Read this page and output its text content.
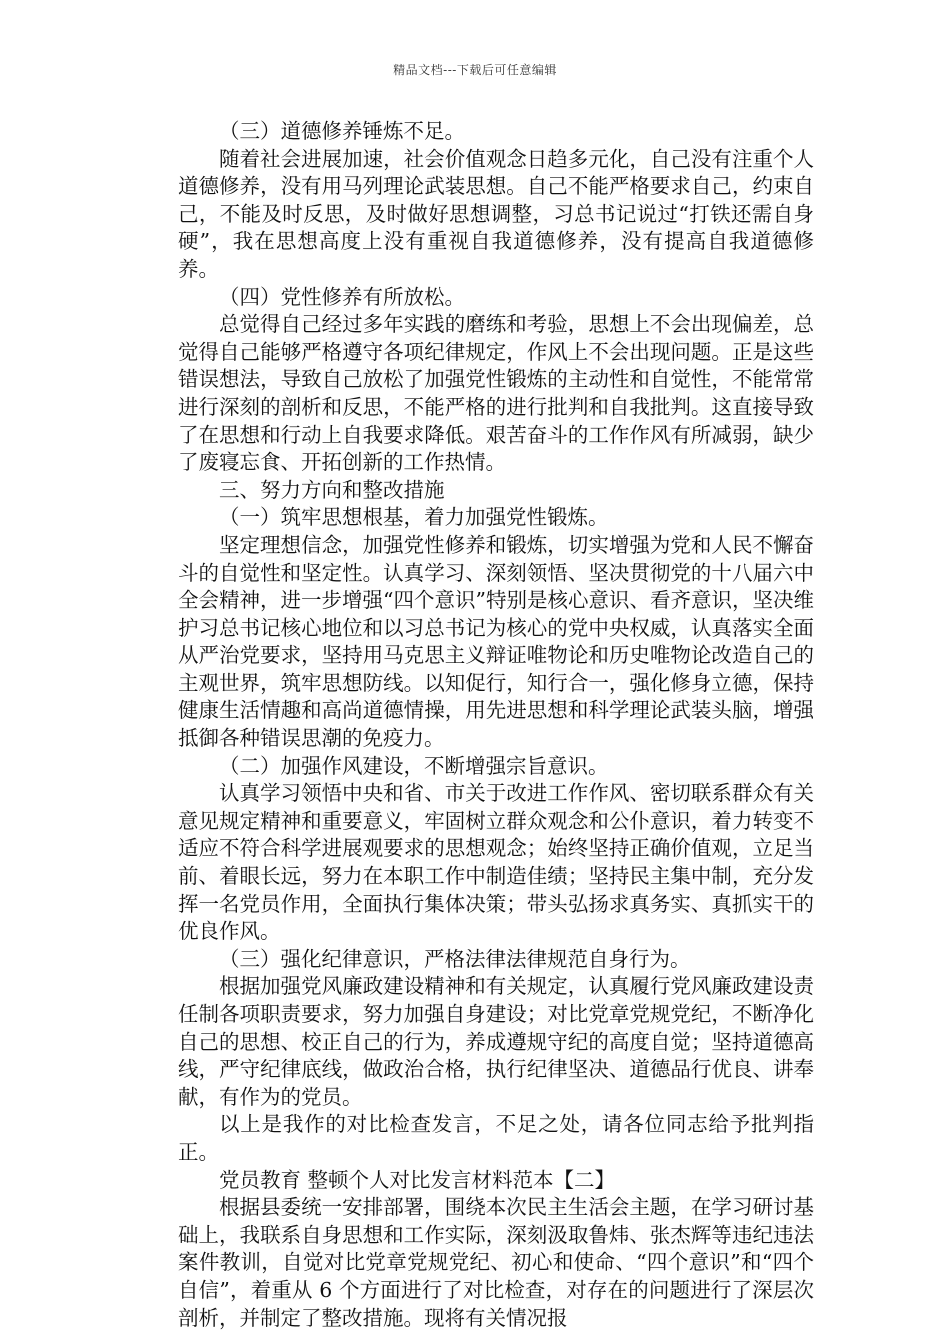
精品文档---下载后可任意编辑

（三）道德修养锤炼不足。

随着社会进展加速，社会价值观念日趋多元化，自己没有注重个人道德修养，没有用马列理论武装思想。自己不能严格要求自己，约束自己，不能及时反思，及时做好思想调整，习总书记说过“打铁还需自身硬”，我在思想高度上没有重视自我道德修养，没有提高自我道德修养。

（四）党性修养有所放松。

总觉得自己经过多年实践的磨练和考验，思想上不会出现偏差，总觉得自己能够严格遵守各项纪律规定，作风上不会出现问题。正是这些错误想法，导致自己放松了加强党性锻炼的主动性和自觉性，不能常常进行深刻的剖析和反思，不能严格的进行批判和自我批判。这直接导致了在思想和行动上自我要求降低。艰苦奋斗的工作作风有所减弱，缺少了废寝忘食、开拓创新的工作热情。

三、努力方向和整改措施

（一）筑牢思想根基，着力加强党性锻炼。

坚定理想信念，加强党性修养和锻炼，切实增强为党和人民不懈奋斗的自觉性和坚定性。认真学习、深刻领悟、坚决贯彻党的十八届六中全会精神，进一步增强“四个意识”特别是核心意识、看齐意识，坚决维护习总书记核心地位和以习总书记为核心的党中央权威，认真落实全面从严治党要求，坚持用马克思主义辩证唯物论和历史唯物论改造自己的主观世界，筑牢思想防线。以知促行，知行合一，强化修身立德，保持健康生活情趣和高尚道德情操，用先进思想和科学理论武装头脑，增强抵御各种错误思潮的免疫力。

（二）加强作风建设，不断增强宗旨意识。

认真学习领悟中央和省、市关于改进工作作风、密切联系群众有关意见规定精神和重要意义，牢固树立群众观念和公仆意识，着力转变不适应不符合科学进展观要求的思想观念；始终坚持正确价值观，立足当前、着眼长远，努力在本职工作中制造佳绩；坚持民主集中制，充分发挥一名党员作用，全面执行集体决策；带头弘扬求真务实、真抓实干的优良作风。

（三）强化纪律意识，严格法律法律规范自身行为。

根据加强党风廉政建设精神和有关规定，认真履行党风廉政建设责任制各项职责要求，努力加强自身建设；对比党章党规党纪，不断净化自己的思想、校正自己的行为，养成遵规守纪的高度自觉；坚持道德高线，严守纪律底线，做政治合格，执行纪律坚决、道德品行优良、讲奉献，有作为的党员。

以上是我作的对比检查发言，不足之处，请各位同志给予批判指正。

党员教育 整顿个人对比发言材料范本【二】

根据县委统一安排部署，围绕本次民主生活会主题，在学习研讨基础上，我联系自身思想和工作实际，深刻汲取鲁炜、张杰辉等违纪违法案件教训，自觉对比党章党规党纪、初心和使命、“四个意识”和“四个自信”，着重从 6 个方面进行了对比检查，对存在的问题进行了深层次剖析，并制定了整改措施。现将有关情况报
